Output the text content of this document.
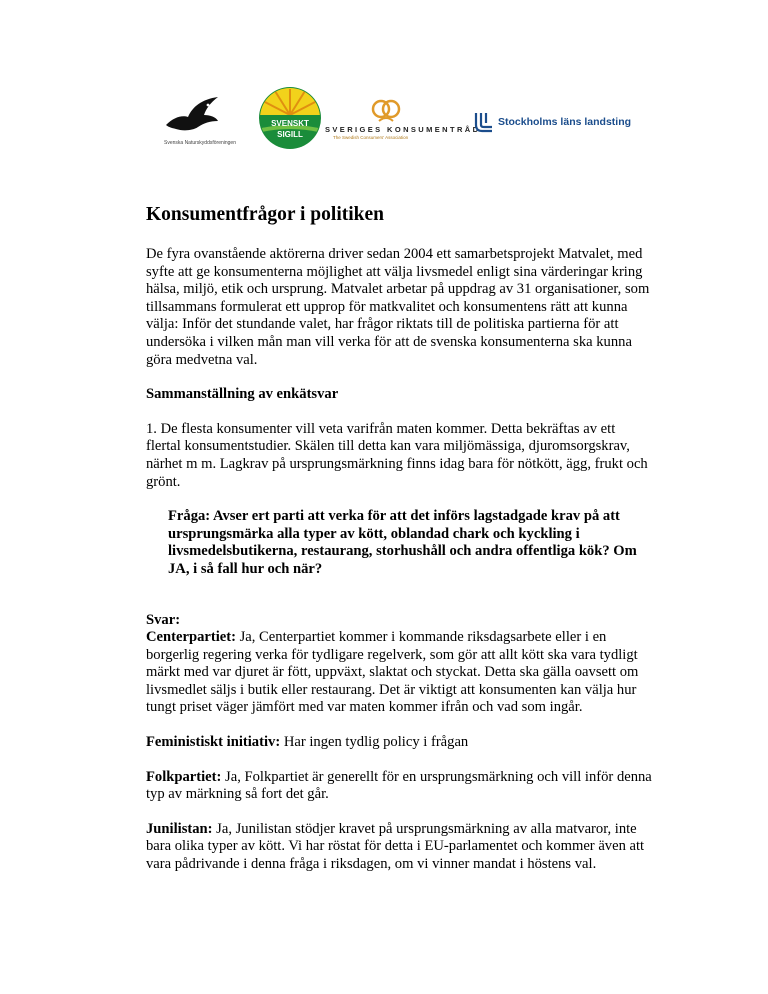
Svenska Naturskyddsföreningen
SVENSKT
SIGILL
SVERIGES KONSUMENTRÅD
The Swedish Consumers' Association
Stockholms läns landsting
Konsumentfrågor i politiken

De fyra ovanstående aktörerna driver sedan 2004 ett samarbetsprojekt Matvalet, med syfte att ge konsumenterna möjlighet att välja livsmedel enligt sina värderingar kring hälsa, miljö, etik och ursprung. Matvalet arbetar på uppdrag av 31 organisationer, som tillsammans formulerat ett upprop för matkvalitet och konsumentens rätt att kunna välja: Inför det stundande valet, har frågor riktats till de politiska partierna för att undersöka i vilken mån man vill verka för att de svenska konsumenterna ska kunna göra medvetna val.

Sammanställning av enkätsvar

1. De flesta konsumenter vill veta varifrån maten kommer. Detta bekräftas av ett flertal konsumentstudier. Skälen till detta kan vara miljömässiga, djuromsorgskrav, närhet m m. Lagkrav på ursprungsmärkning finns idag bara för nötkött, ägg, frukt och grönt.

Fråga: Avser ert parti att verka för att det införs lagstadgade krav på att ursprungsmärka alla typer av kött, oblandad chark och kyckling i livsmedelsbutikerna, restaurang, storhushåll och andra offentliga kök? Om JA, i så fall hur och när?

Svar:

Centerpartiet: Ja, Centerpartiet kommer i kommande riksdagsarbete eller i en borgerlig regering verka för tydligare regelverk, som gör att allt kött ska vara tydligt märkt med var djuret är fött, uppväxt, slaktat och styckat. Detta ska gälla oavsett om livsmedlet säljs i butik eller restaurang. Det är viktigt att konsumenten kan välja hur tungt priset väger jämfört med var maten kommer ifrån och vad som ingår.

Feministiskt initiativ: Har ingen tydlig policy i frågan

Folkpartiet: Ja, Folkpartiet är generellt för en ursprungsmärkning och vill inför denna typ av märkning så fort det går.

Junilistan: Ja, Junilistan stödjer kravet på ursprungsmärkning av alla matvaror, inte bara olika typer av kött. Vi har röstat för detta i EU-parlamentet och kommer även att vara pådrivande i denna fråga i riksdagen, om vi vinner mandat i höstens val.
